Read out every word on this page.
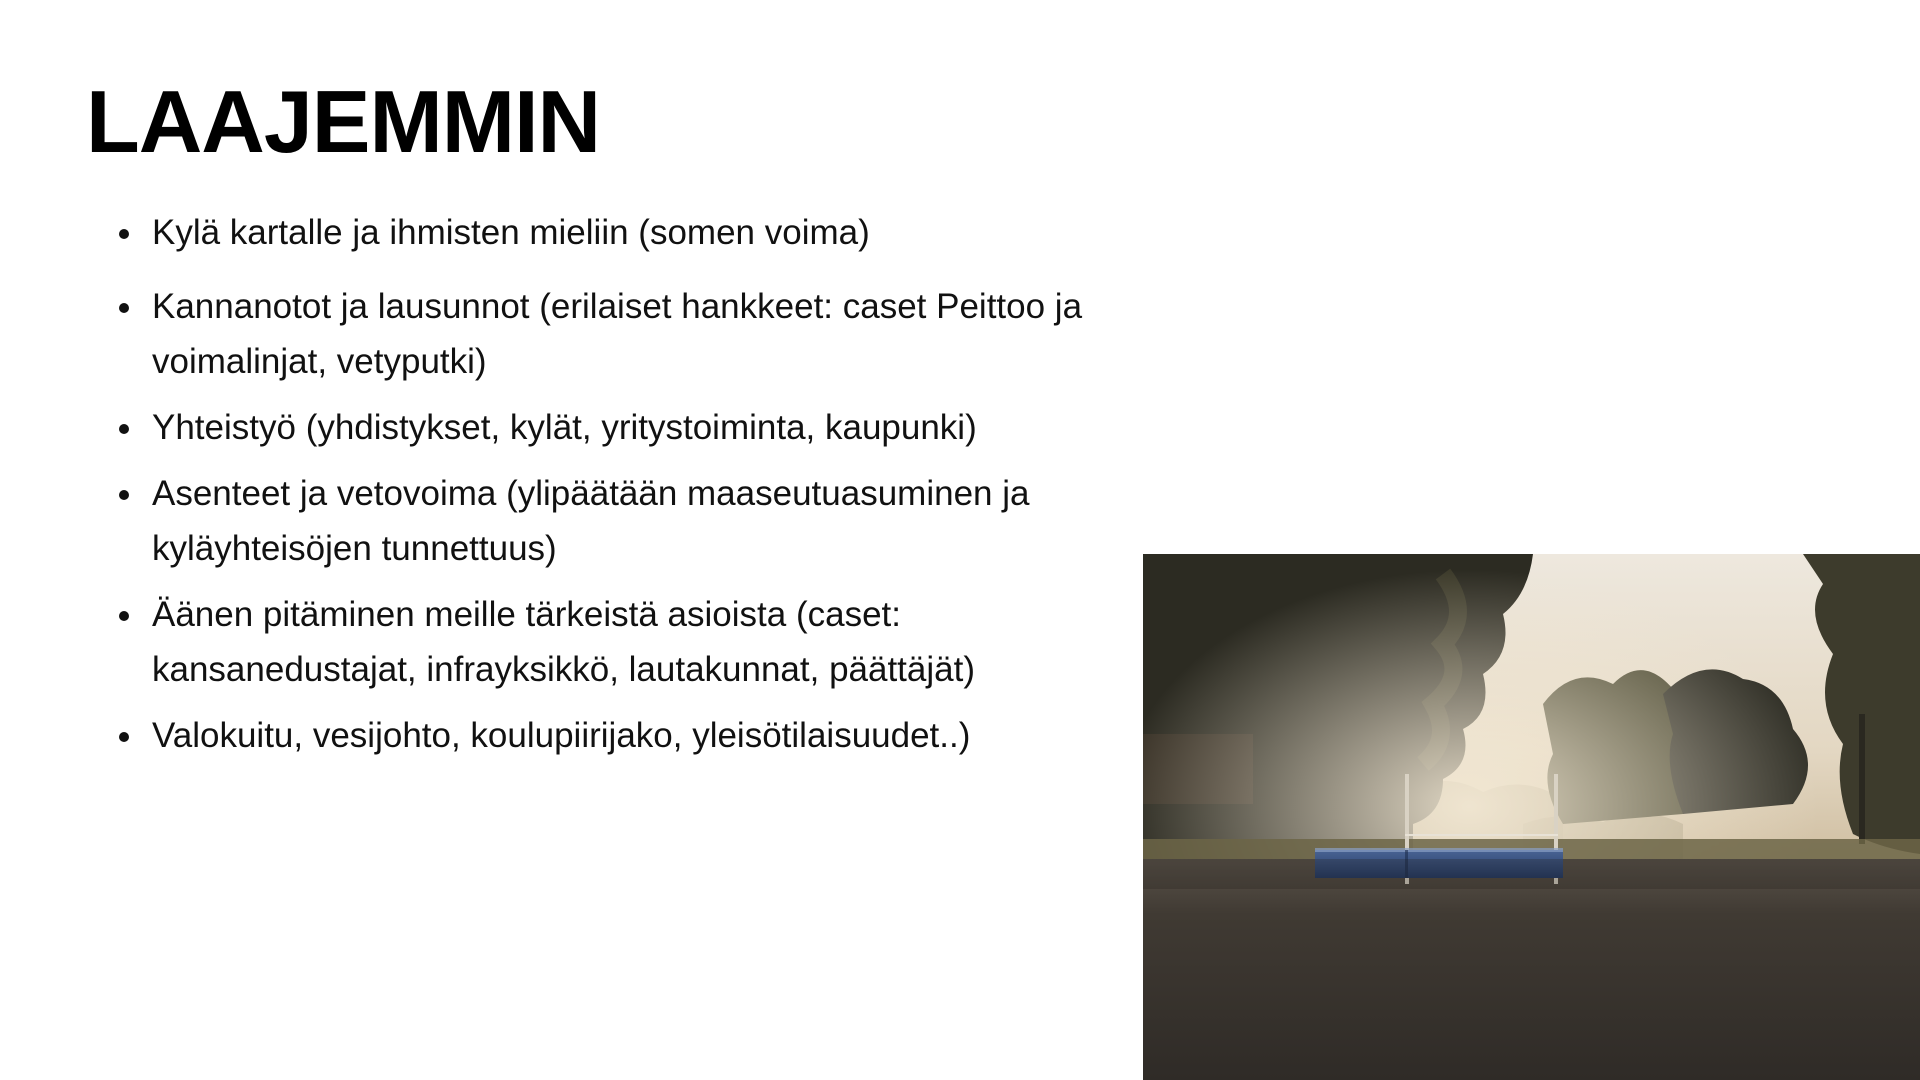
LAAJEMMIN
Kylä kartalle ja ihmisten mieliin (somen voima)
Kannanotot ja lausunnot (erilaiset hankkeet: caset Peittoo ja voimalinjat, vetyputki)
Yhteistyö (yhdistykset, kylät, yritystoiminta, kaupunki)
Asenteet ja vetovoima (ylipäätään maaseutuasuminen ja kyläyhteisöjen tunnettuus)
Äänen pitäminen meille tärkeistä asioista (caset: kansanedustajat, infrayksikkö, lautakunnat, päättäjät)
Valokuitu, vesijohto, koulupiirijako, yleisötilaisuudet..)
